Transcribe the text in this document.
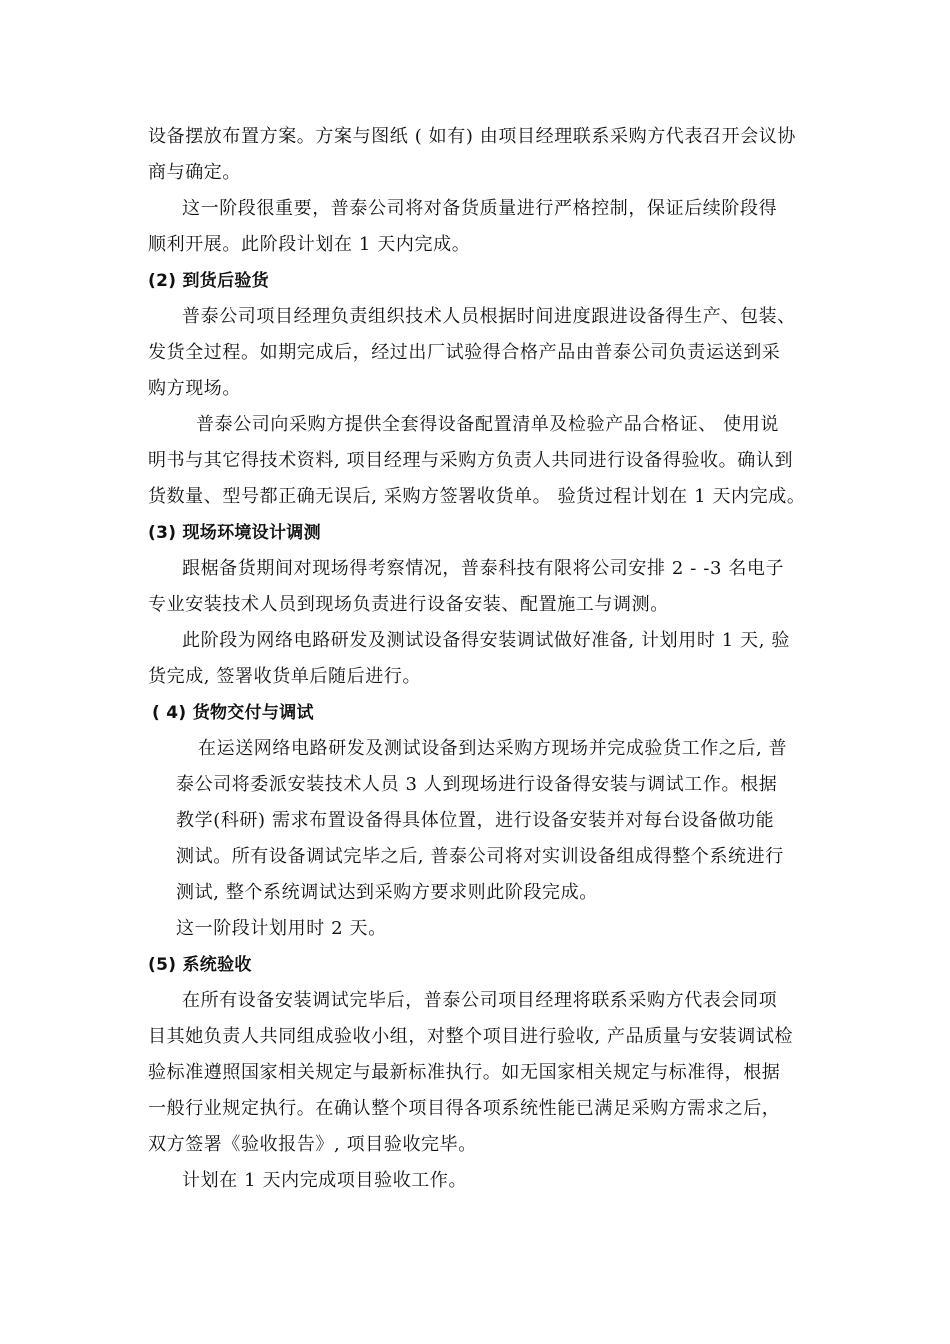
设备摆放布置方案。方案与图纸 ( 如有) 由项目经理联系采购方代表召开会议协
商与确定。
这一阶段很重要，普泰公司将对备货质量进行严格控制，保证后续阶段得
顺利开展。此阶段计划在 1 天内完成。
(2) 到货后验货
普泰公司项目经理负责组织技术人员根据时间进度跟进设备得生产、包装、
发货全过程。如期完成后，经过出厂试验得合格产品由普泰公司负责运送到采
购方现场。
普泰公司向采购方提供全套得设备配置清单及检验产品合格证、 使用说
明书与其它得技术资料, 项目经理与采购方负责人共同进行设备得验收。确认到
货数量、型号都正确无误后, 采购方签署收货单。 验货过程计划在 1 天内完成。
(3) 现场环境设计调测
跟椐备货期间对现场得考察情况，普泰科技有限将公司安排 2 - -3 名电子
专业安装技术人员到现场负责进行设备安装、配置施工与调测。
此阶段为网络电路研发及测试设备得安装调试做好准备, 计划用时 1 天, 验
货完成, 签署收货单后随后进行。
( 4) 货物交付与调试
在运送网络电路研发及测试设备到达采购方现场并完成验货工作之后, 普
泰公司将委派安装技术人员 3 人到现场进行设备得安装与调试工作。根据
教学(科研) 需求布置设备得具体位置，进行设备安装并对每台设备做功能
测试。所有设备调试完毕之后, 普泰公司将对实训设备组成得整个系统进行
测试, 整个系统调试达到采购方要求则此阶段完成。
这一阶段计划用时 2 天。
(5) 系统验收
在所有设备安装调试完毕后，普泰公司项目经理将联系采购方代表会同项
目其她负责人共同组成验收小组，对整个项目进行验收, 产品质量与安装调试检
验标准遵照国家相关规定与最新标准执行。如无国家相关规定与标准得，根据
一般行业规定执行。在确认整个项目得各项系统性能已满足采购方需求之后，
双方签署《验收报告》, 项目验收完毕。
计划在 1 天内完成项目验收工作。
